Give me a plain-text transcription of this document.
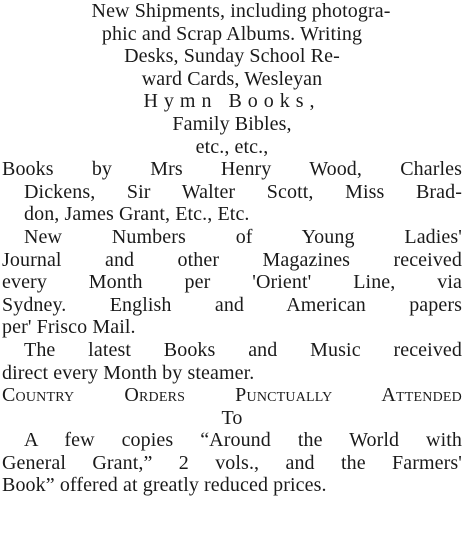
New Shipments, including photogra-
phic and Scrap Albums. Writing
Desks, Sunday School Re-
ward Cards, Wesleyan
Hymn Books,
Family Bibles,
etc., etc.,
Books by Mrs Henry Wood, Charles
Dickens, Sir Walter Scott, Miss Brad-
don, James Grant, Etc., Etc.
New Numbers of Young Ladies'
Journal and other Magazines received
every Month per 'Orient' Line, via
Sydney. English and American papers
per' Frisco Mail.
The latest Books and Music received
direct every Month by steamer.
Country Orders Punctually Attended
To
A few copies “Around the World with
General Grant,” 2 vols., and the Farmers'
Book” offered at greatly reduced prices.
